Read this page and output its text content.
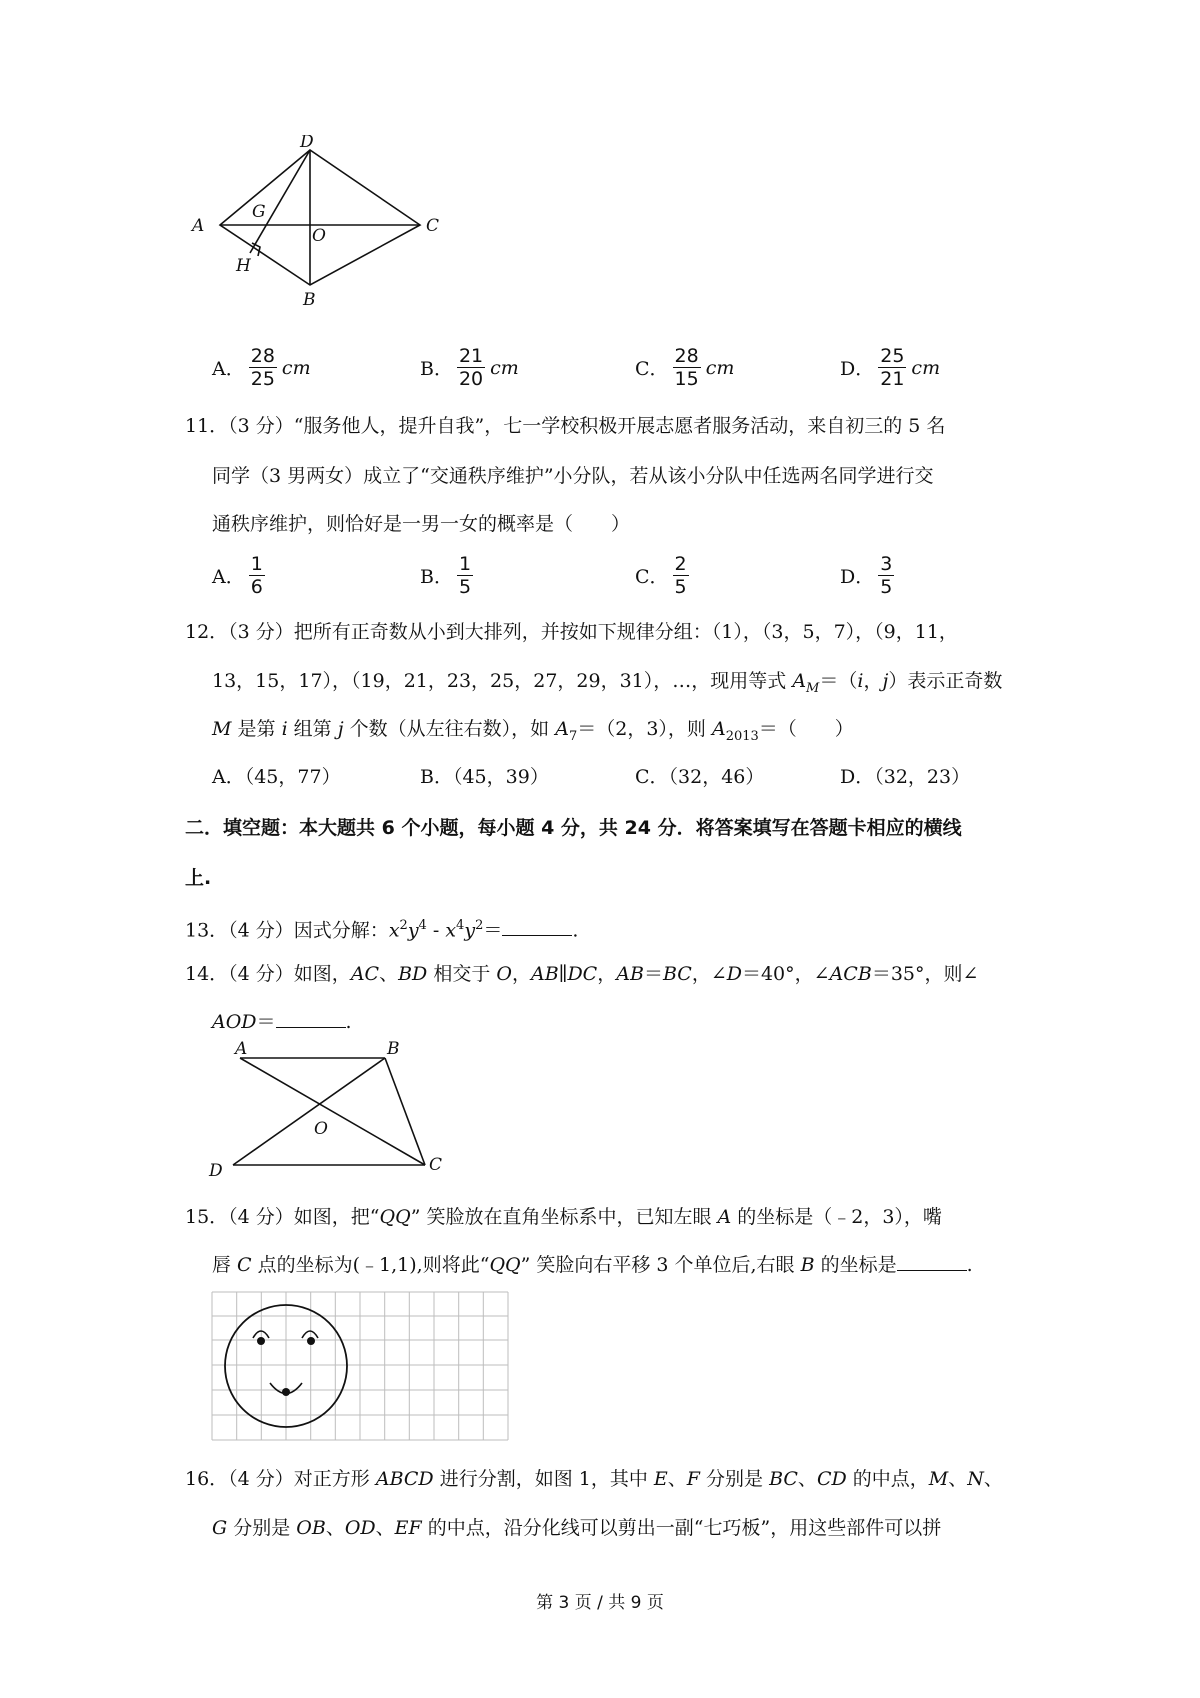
D
A
G
O	C
H
B
A． $\frac{28}{25}$ cm	B． $\frac{21}{20}$ cm	C． $\frac{28}{15}$ cm	D． $\frac{25}{21}$ cm
11．（3 分）“服务他人，提升自我”，七一学校积极开展志愿者服务活动，来自初三的 5 名
同学（3 男两女）成立了“交通秩序维护”小分队，若从该小分队中任选两名同学进行交
通秩序维护，则恰好是一男一女的概率是（　　）
A． $\frac{1}{6}$	B． $\frac{1}{5}$	C． $\frac{2}{5}$	D． $\frac{3}{5}$
12．（3 分）把所有正奇数从小到大排列，并按如下规律分组：（1），（3，5，7），（9，11，
13，15，17），（19，21，23，25，27，29，31），…，现用等式 $A_M=(i$，j）表示正奇数
M 是第 i 组第 j 个数（从左往右数），如 $A_7=(2$，3），则 $A_{2013}=$（　　）
A．（45，77）	B．（45，39）	C．（32，46）	D．（32，23）
二．填空题：本大题共 6 个小题，每小题 4 分，共 24 分．将答案填写在答题卡相应的横线
上.
13．（4 分）因式分解：$x^2y^4 - x^4y^2=$	.
14．（4 分）如图，AC、BD 相交于 O，AB∥DC，AB＝BC，∠D＝40°，∠ACB＝35°，则∠
AOD＝	.
A	B
O
D	C
15．（4 分）如图，把“QQ” 笑脸放在直角坐标系中，已知左眼 A 的坐标是（﹣2，3），嘴
唇 C 点的坐标为(﹣1,1),则将此“QQ” 笑脸向右平移 3 个单位后,右眼 B 的坐标是	.
16．（4 分）对正方形 ABCD 进行分割，如图 1，其中 E、F 分别是 BC、CD 的中点，M、N、
G 分别是 OB、OD、EF 的中点，沿分化线可以剪出一副“七巧板”，用这些部件可以拼
第 3 页 / 共 9 页
